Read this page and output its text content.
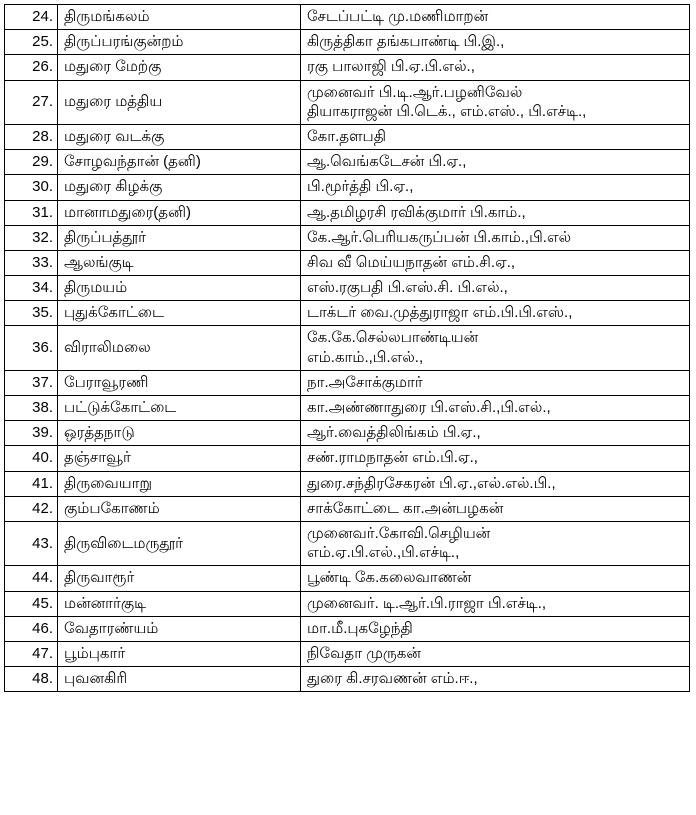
24.	திருமங்கலம்	சேடப்பட்டி மு.மணிமாறன்
25.	திருப்பரங்குன்றம்	கிருத்திகா தங்கபாண்டி பி.இ.,
26.	மதுரை மேற்கு	ரகு பாலாஜி பி.ஏ.பி.எல்.,
27.	மதுரை மத்திய	முனைவர் பி.டி.ஆர்.பழனிவேல்
தியாகராஜன் பி.டெக்., எம்.எஸ்., பி.எச்டி.,

28.	மதுரை வடக்கு	கோ.தளபதி
29.	சோழவந்தான் (தனி)	ஆ.வெங்கடேசன் பி.ஏ.,
30.	மதுரை கிழக்கு	பி.மூர்த்தி பி.ஏ.,
31.	மானாமதுரை(தனி)	ஆ.தமிழரசி ரவிக்குமார் பி.காம்.,
32.	திருப்பத்தூர்	கே.ஆர்.பெரியகருப்பன் பி.காம்.,பி.எல்
33.	ஆலங்குடி	சிவ வீ மெய்யநாதன் எம்.சி.ஏ.,
34.	திருமயம்	எஸ்.ரகுபதி பி.எஸ்.சி. பி.எல்.,
35.	புதுக்கோட்டை	டாக்டர் வை.முத்துராஜா எம்.பி.பி.எஸ்.,
36.	விராலிமலை	கே.கே.செல்லபாண்டியன்
எம்.காம்.,பி.எல்.,

37.	பேராவூரணி	நா.அசோக்குமார்
38.	பட்டுக்கோட்டை	கா.அண்ணாதுரை பி.எஸ்.சி.,பி.எல்.,
39.	ஒரத்தநாடு	ஆர்.வைத்திலிங்கம் பி.ஏ.,
40.	தஞ்சாவூர்	சண்.ராமநாதன் எம்.பி.ஏ.,
41.	திருவையாறு	துரை.சந்திரசேகரன் பி.ஏ.,எல்.எல்.பி.,
42.	கும்பகோணம்	சாக்கோட்டை கா.அன்பழகன்
43.	திருவிடைமருதூர்	முனைவர்.கோவி.செழியன்
எம்.ஏ.பி.எல்.,பி.எச்டி.,

44.	திருவாரூர்	பூண்டி கே.கலைவாணன்
45.	மன்னார்குடி	முனைவர். டி.ஆர்.பி.ராஜா பி.எச்டி.,
46.	வேதாரண்யம்	மா.மீ.புகழேந்தி
47.	பூம்புகார்	நிவேதா முருகன்
48.	புவனகிரி	துரை கி.சரவணன் எம்.ஈ.,
